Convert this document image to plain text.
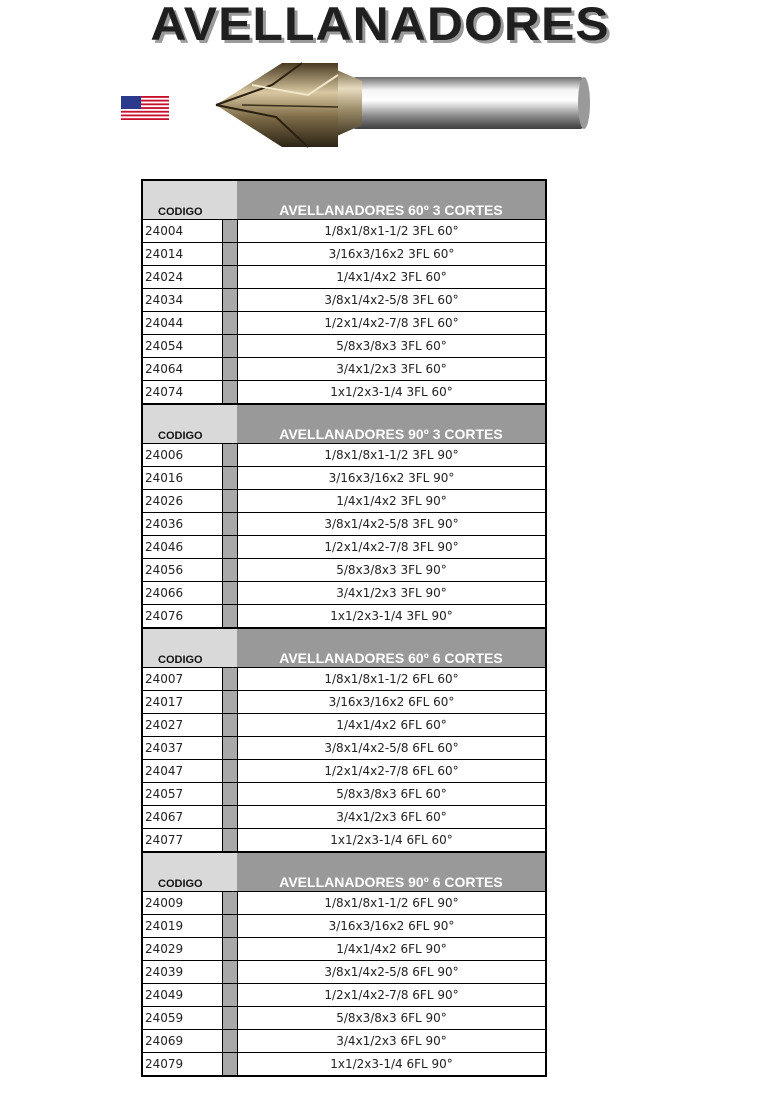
AVELLANADORES
CODIGO	AVELLANADORES 60º 3 CORTES
24004	1/8x1/8x1-1/2 3FL 60°
24014	3/16x3/16x2 3FL 60°
24024	1/4x1/4x2 3FL 60°
24034	3/8x1/4x2-5/8 3FL 60°
24044	1/2x1/4x2-7/8 3FL 60°
24054	5/8x3/8x3 3FL 60°
24064	3/4x1/2x3 3FL 60°
24074	1x1/2x3-1/4 3FL 60°
CODIGO	AVELLANADORES 90º 3 CORTES
24006	1/8x1/8x1-1/2 3FL 90°
24016	3/16x3/16x2 3FL 90°
24026	1/4x1/4x2 3FL 90°
24036	3/8x1/4x2-5/8 3FL 90°
24046	1/2x1/4x2-7/8 3FL 90°
24056	5/8x3/8x3 3FL 90°
24066	3/4x1/2x3 3FL 90°
24076	1x1/2x3-1/4 3FL 90°
CODIGO	AVELLANADORES 60º 6 CORTES
24007	1/8x1/8x1-1/2 6FL 60°
24017	3/16x3/16x2 6FL 60°
24027	1/4x1/4x2 6FL 60°
24037	3/8x1/4x2-5/8 6FL 60°
24047	1/2x1/4x2-7/8 6FL 60°
24057	5/8x3/8x3 6FL 60°
24067	3/4x1/2x3 6FL 60°
24077	1x1/2x3-1/4 6FL 60°
CODIGO	AVELLANADORES 90º 6 CORTES
24009	1/8x1/8x1-1/2 6FL 90°
24019	3/16x3/16x2 6FL 90°
24029	1/4x1/4x2 6FL 90°
24039	3/8x1/4x2-5/8 6FL 90°
24049	1/2x1/4x2-7/8 6FL 90°
24059	5/8x3/8x3 6FL 90°
24069	3/4x1/2x3 6FL 90°
24079	1x1/2x3-1/4 6FL 90°
